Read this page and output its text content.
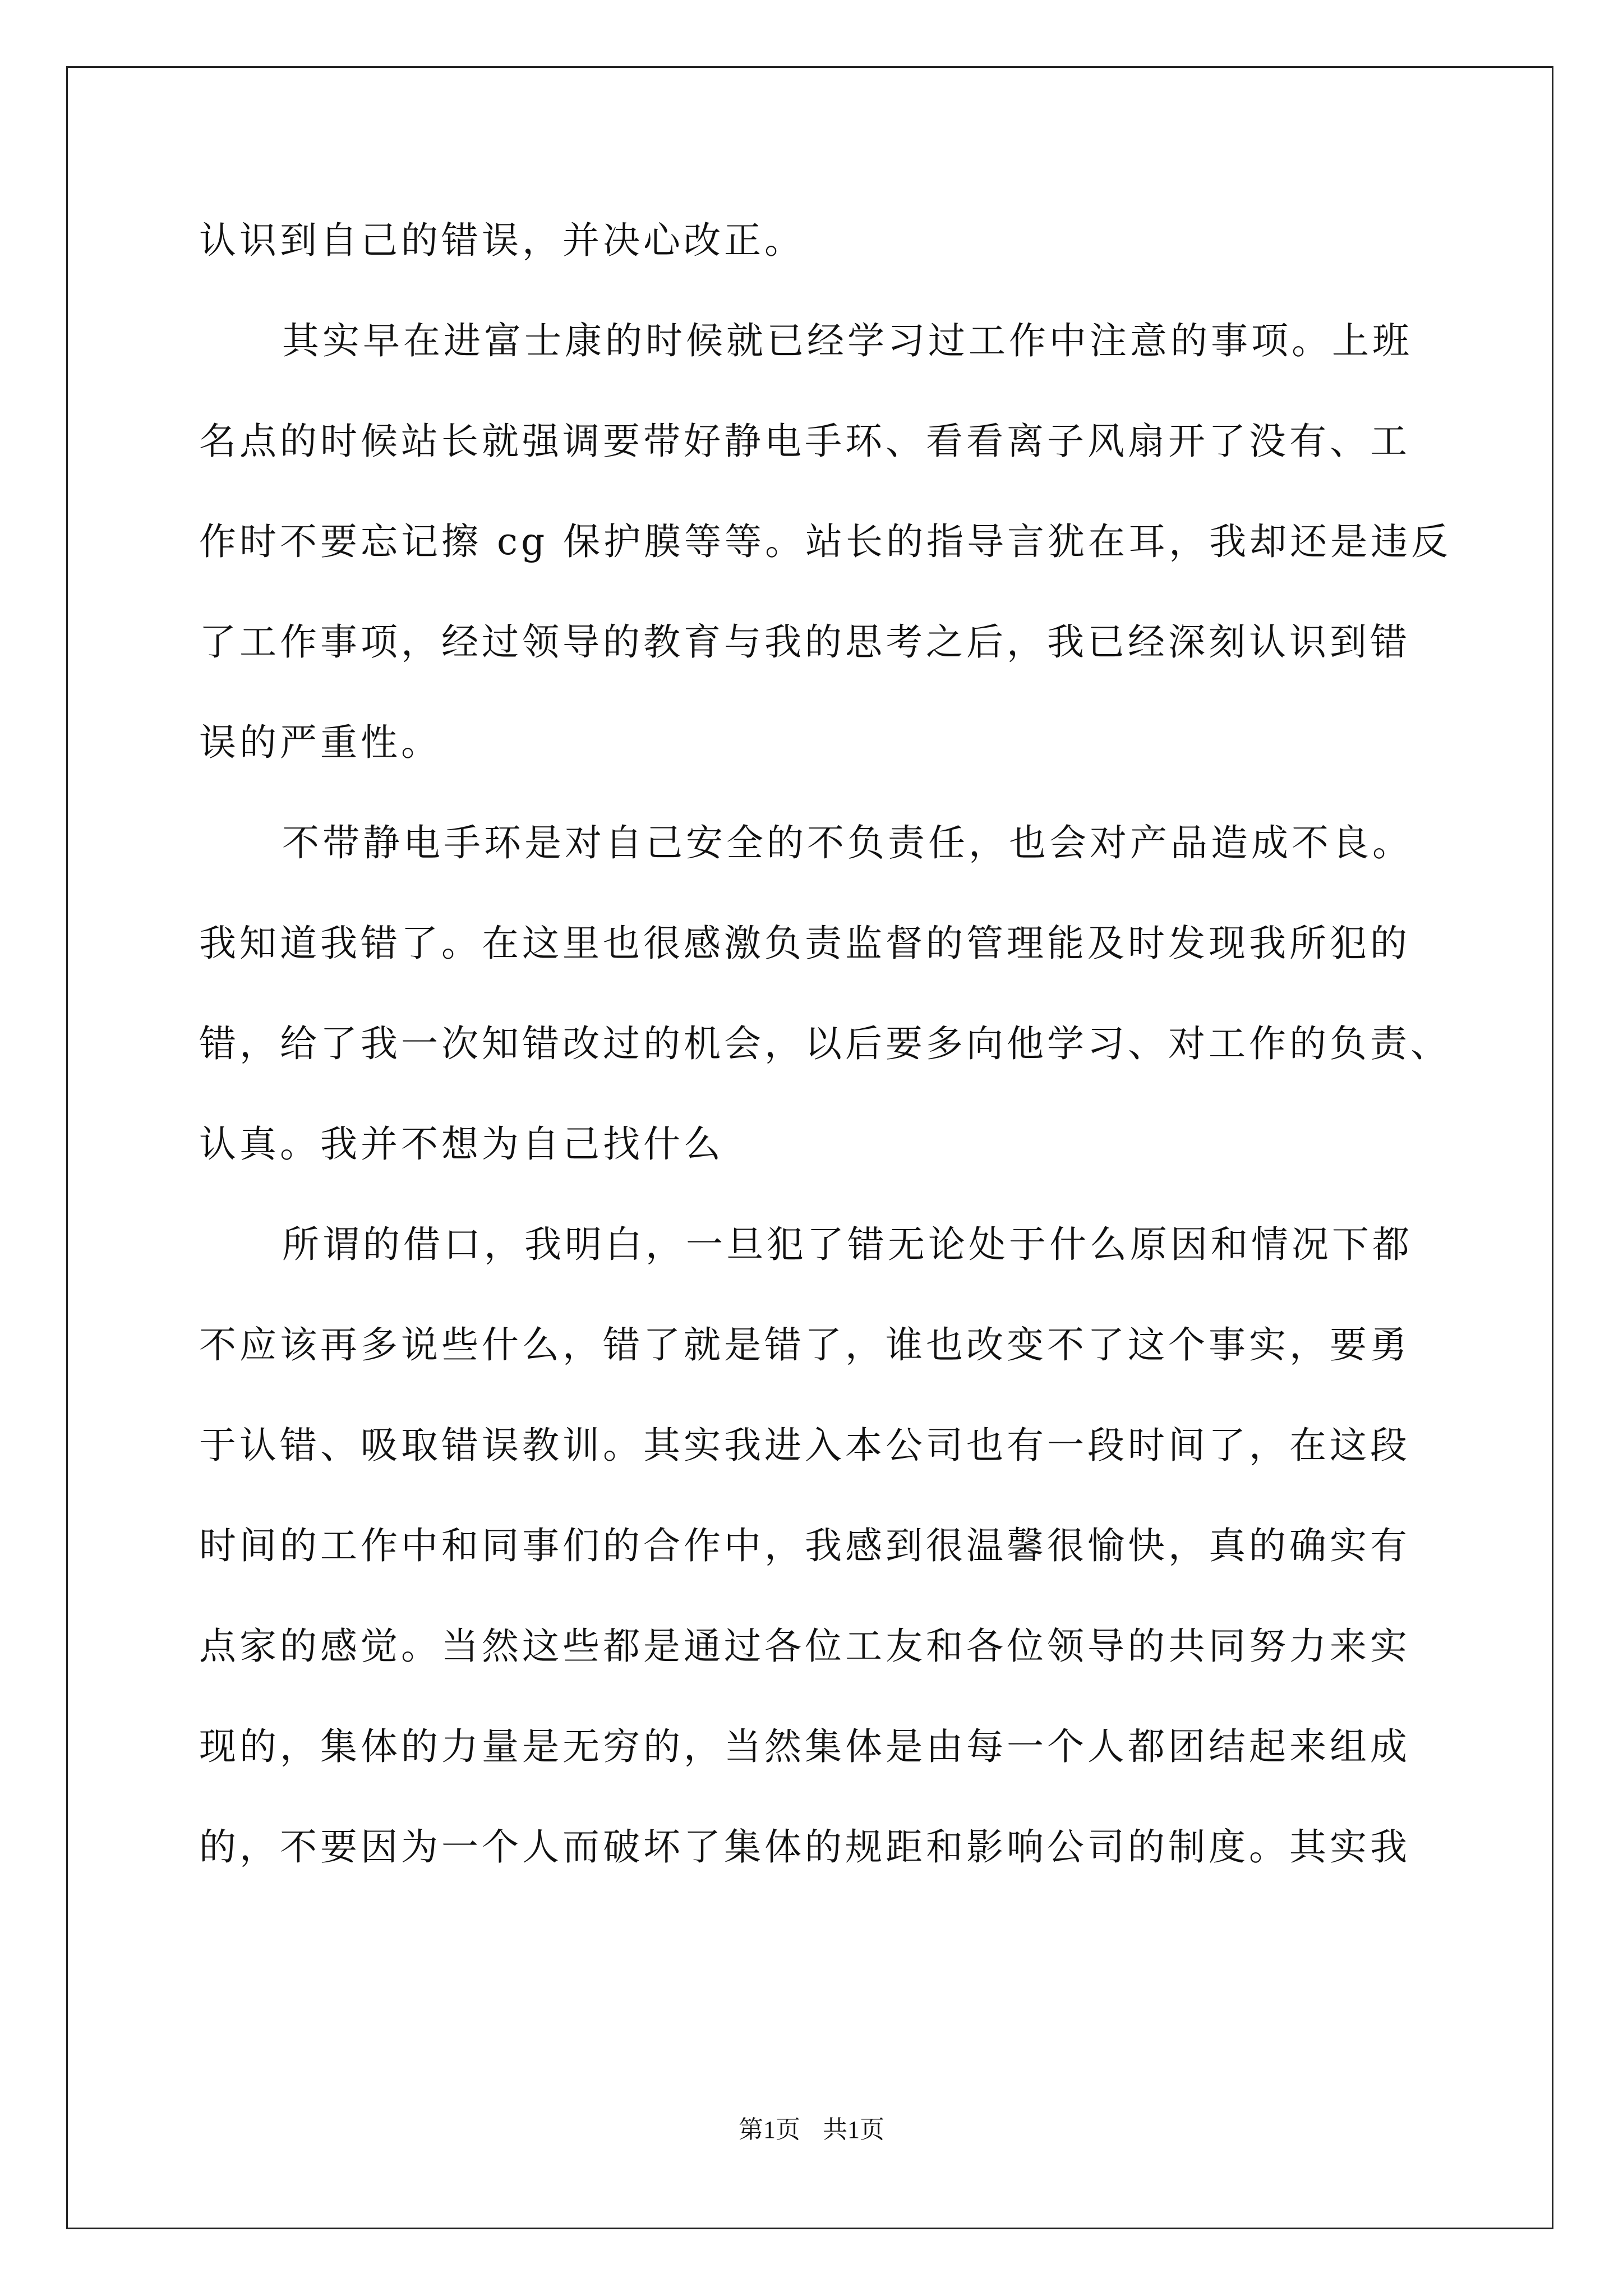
认识到自己的错误，并决心改正。
其实早在进富士康的时候就已经学习过工作中注意的事项。上班
名点的时候站长就强调要带好静电手环、看看离子风扇开了没有、工
作时不要忘记擦 cg 保护膜等等。站长的指导言犹在耳，我却还是违反
了工作事项，经过领导的教育与我的思考之后，我已经深刻认识到错
误的严重性。
不带静电手环是对自己安全的不负责任，也会对产品造成不良。
我知道我错了。在这里也很感激负责监督的管理能及时发现我所犯的
错，给了我一次知错改过的机会，以后要多向他学习、对工作的负责、
认真。我并不想为自己找什么
所谓的借口，我明白，一旦犯了错无论处于什么原因和情况下都
不应该再多说些什么，错了就是错了，谁也改变不了这个事实，要勇
于认错、吸取错误教训。其实我进入本公司也有一段时间了，在这段
时间的工作中和同事们的合作中，我感到很温馨很愉快，真的确实有
点家的感觉。当然这些都是通过各位工友和各位领导的共同努力来实
现的，集体的力量是无穷的，当然集体是由每一个人都团结起来组成
的，不要因为一个人而破坏了集体的规距和影响公司的制度。其实我
第1页 共1页
